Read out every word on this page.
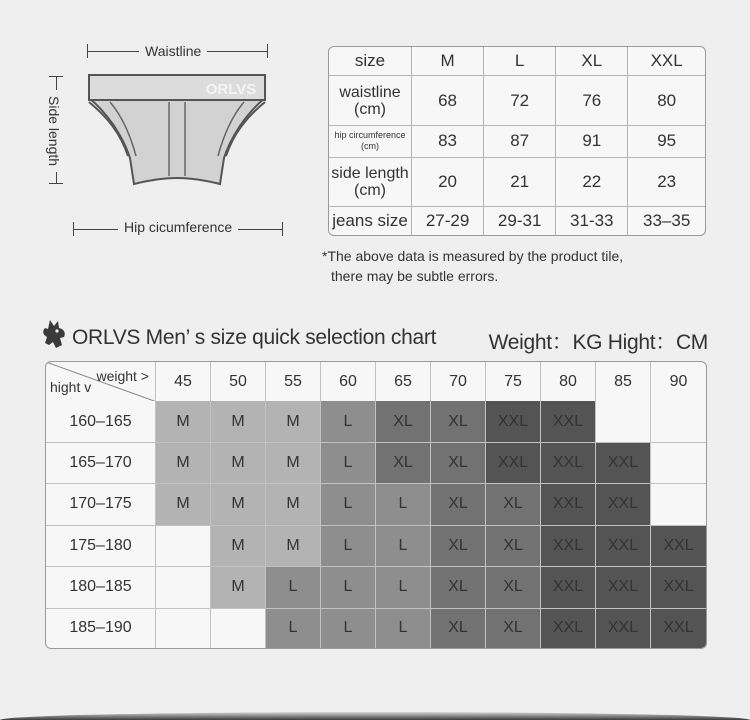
Waistline
Side length
ORLVS
Hip cicumference
size	M	L	XL	XXL
waistline (cm)	68	72	76	80
hip circumference (cm)	83	87	91	95
side length (cm)	20	21	22	23
jeans size	27-29	29-31	31-33	33–35
*The above data is measured by the product tile,
there may be subtle errors.
ORLVS Men’ s size quick selection chart Weight：KG Hight：CM
weight >
hight v	45	50	55	60	65	70	75	80	85	90
160–165	M	M	M	L	XL	XL	XXL	XXL		
165–170	M	M	M	L	XL	XL	XXL	XXL	XXL	
170–175	M	M	M	L	L	XL	XL	XXL	XXL	
175–180		M	M	L	L	XL	XL	XXL	XXL	XXL
180–185		M	L	L	L	XL	XL	XXL	XXL	XXL
185–190			L	L	L	XL	XL	XXL	XXL	XXL
